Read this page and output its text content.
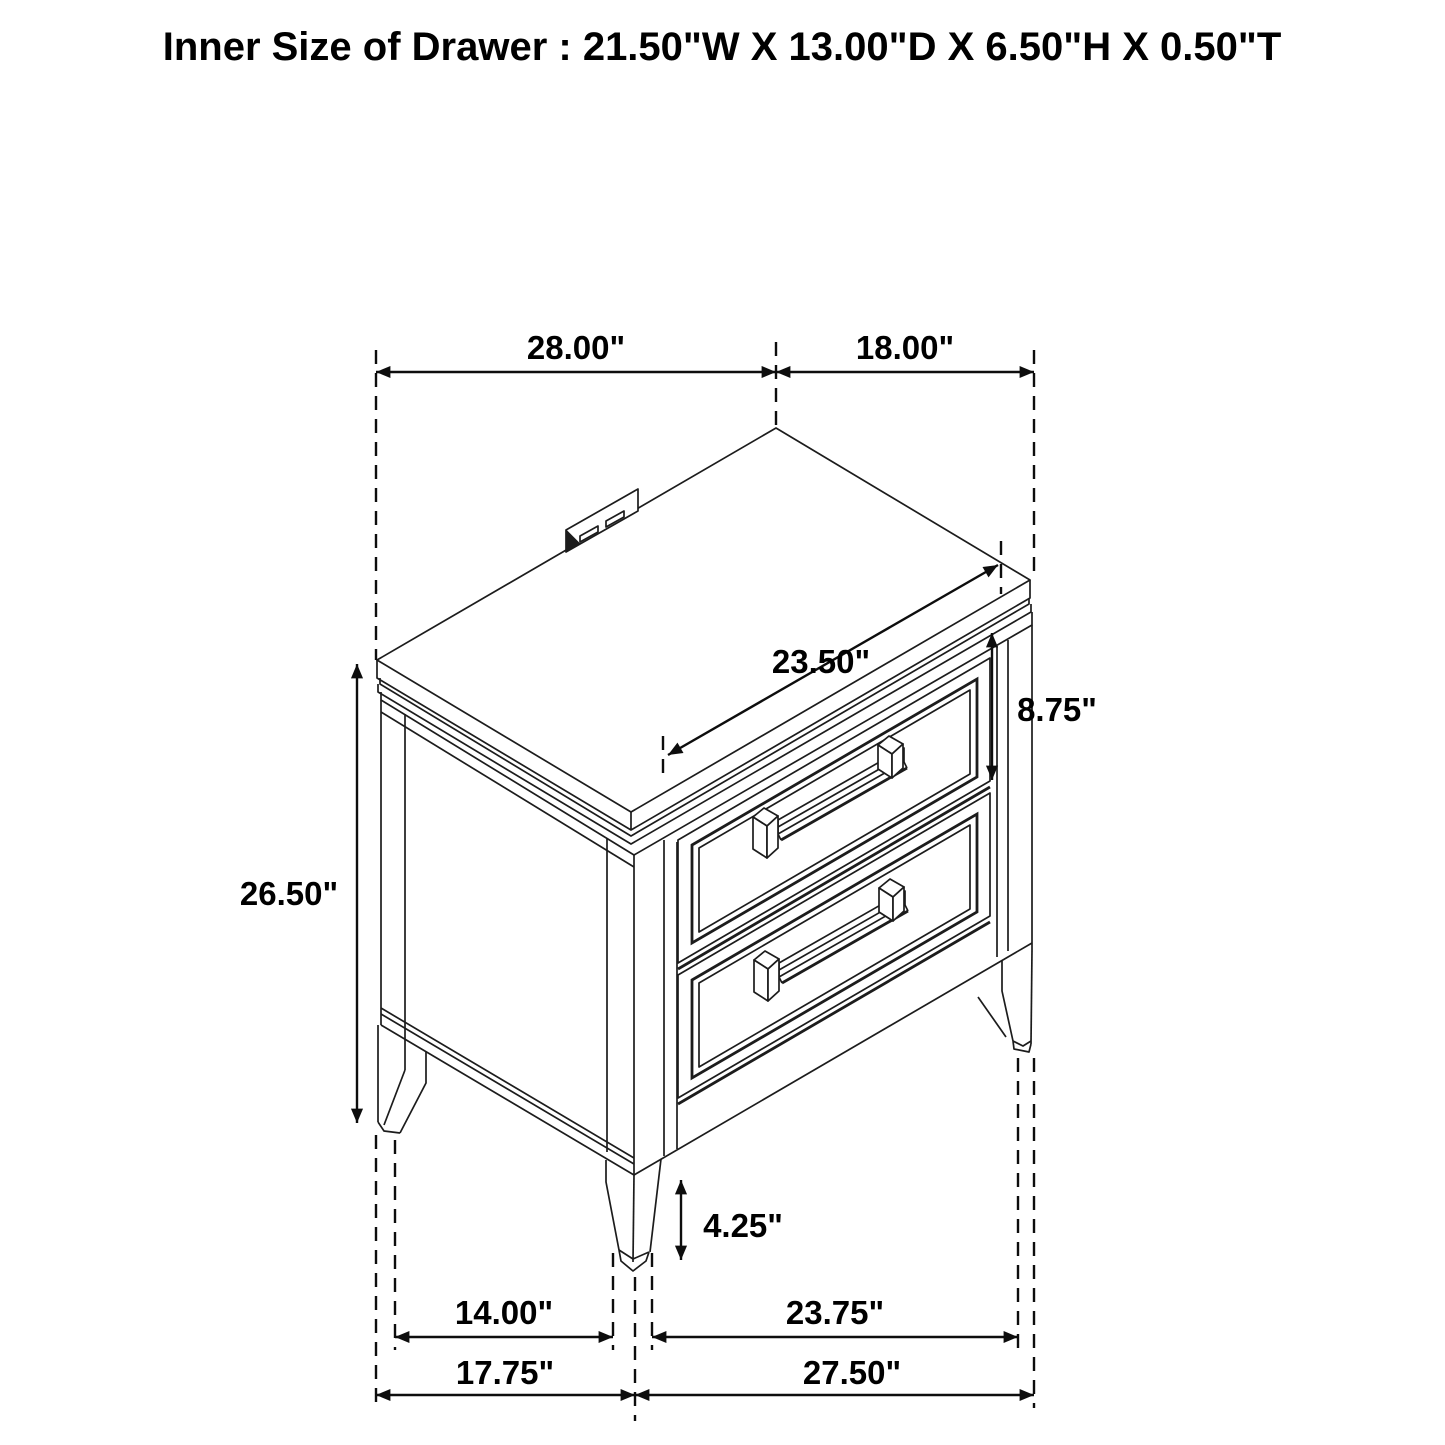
Inner Size of Drawer : 21.50"W X 13.00"D X 6.50"H X 0.50"T
28.00"	18.00"
23.50"
8.75"
26.50"
4.25"
14.00"	23.75"
17.75"	27.50"
